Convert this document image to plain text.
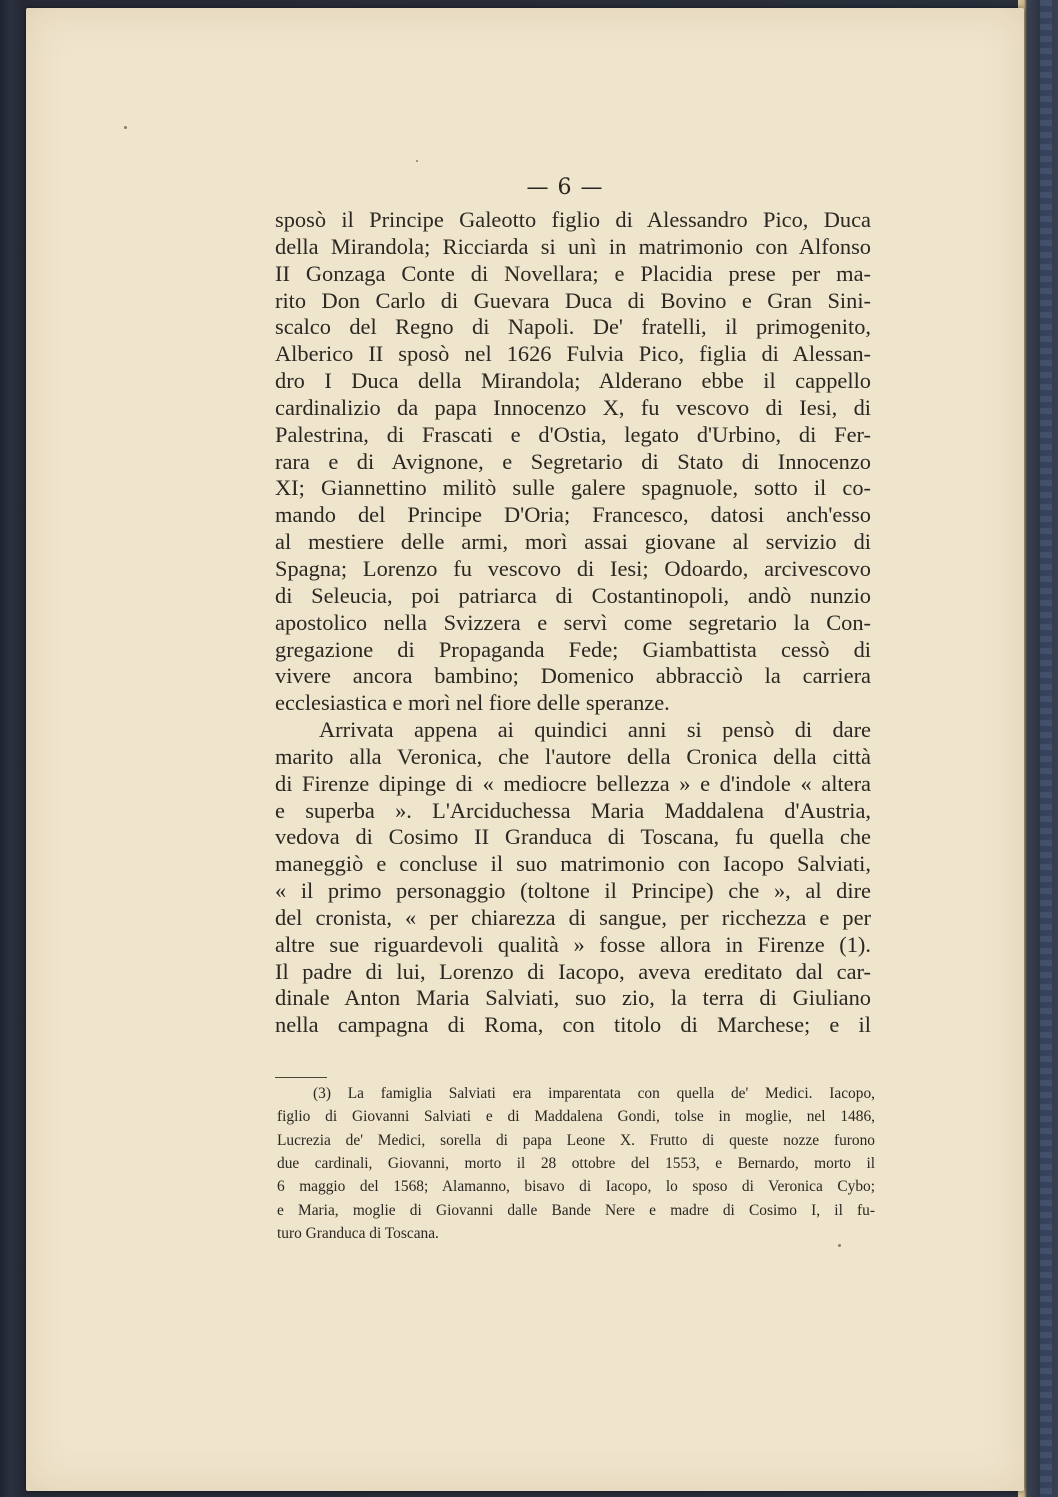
— 6 —
sposò il Principe Galeotto figlio di Alessandro Pico, Duca
della Mirandola; Ricciarda si unì in matrimonio con Alfonso
II Gonzaga Conte di Novellara; e Placidia prese per ma-
rito Don Carlo di Guevara Duca di Bovino e Gran Sini-
scalco del Regno di Napoli. De' fratelli, il primogenito,
Alberico II sposò nel 1626 Fulvia Pico, figlia di Alessan-
dro I Duca della Mirandola; Alderano ebbe il cappello
cardinalizio da papa Innocenzo X, fu vescovo di Iesi, di
Palestrina, di Frascati e d'Ostia, legato d'Urbino, di Fer-
rara e di Avignone, e Segretario di Stato di Innocenzo
XI; Giannettino militò sulle galere spagnuole, sotto il co-
mando del Principe D'Oria; Francesco, datosi anch'esso
al mestiere delle armi, morì assai giovane al servizio di
Spagna; Lorenzo fu vescovo di Iesi; Odoardo, arcivescovo
di Seleucia, poi patriarca di Costantinopoli, andò nunzio
apostolico nella Svizzera e servì come segretario la Con-
gregazione di Propaganda Fede; Giambattista cessò di
vivere ancora bambino; Domenico abbracciò la carriera
ecclesiastica e morì nel fiore delle speranze.
Arrivata appena ai quindici anni si pensò di dare
marito alla Veronica, che l'autore della Cronica della città
di Firenze dipinge di « mediocre bellezza » e d'indole « altera
e superba ». L'Arciduchessa Maria Maddalena d'Austria,
vedova di Cosimo II Granduca di Toscana, fu quella che
maneggiò e concluse il suo matrimonio con Iacopo Salviati,
« il primo personaggio (toltone il Principe) che », al dire
del cronista, « per chiarezza di sangue, per ricchezza e per
altre sue riguardevoli qualità » fosse allora in Firenze (1).
Il padre di lui, Lorenzo di Iacopo, aveva ereditato dal car-
dinale Anton Maria Salviati, suo zio, la terra di Giuliano
nella campagna di Roma, con titolo di Marchese; e il
(3) La famiglia Salviati era imparentata con quella de' Medici. Iacopo,
figlio di Giovanni Salviati e di Maddalena Gondi, tolse in moglie, nel 1486,
Lucrezia de' Medici, sorella di papa Leone X. Frutto di queste nozze furono
due cardinali, Giovanni, morto il 28 ottobre del 1553, e Bernardo, morto il
6 maggio del 1568; Alamanno, bisavo di Iacopo, lo sposo di Veronica Cybo;
e Maria, moglie di Giovanni dalle Bande Nere e madre di Cosimo I, il fu-
turo Granduca di Toscana.
